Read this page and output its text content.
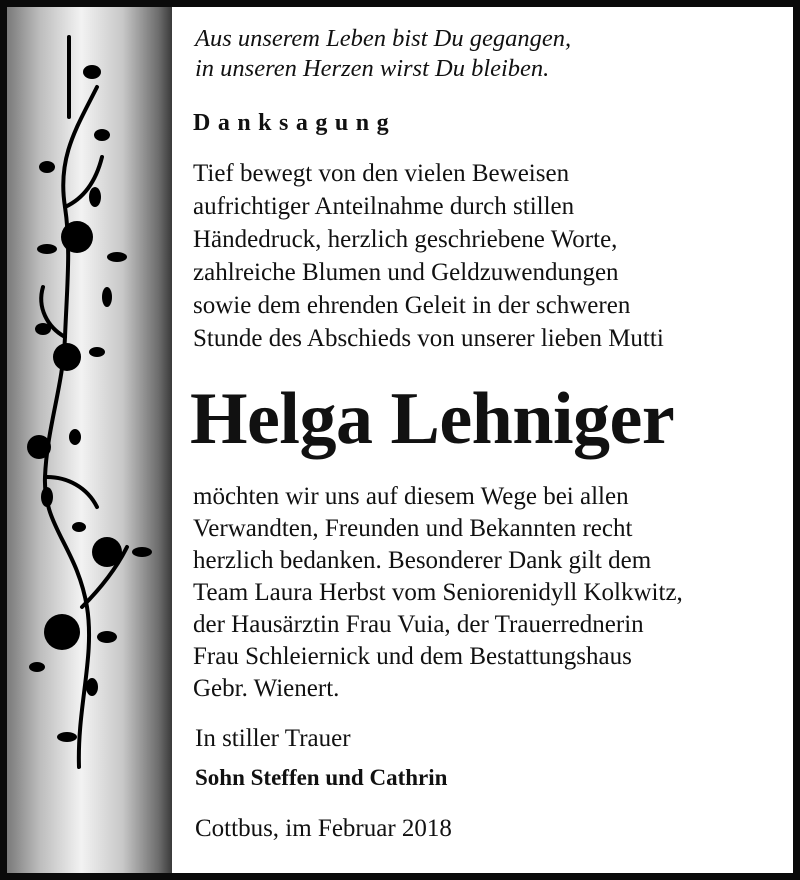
Aus unserem Leben bist Du gegangen,
in unseren Herzen wirst Du bleiben.
Danksagung
Tief bewegt von den vielen Beweisen
aufrichtiger Anteilnahme durch stillen
Händedruck, herzlich geschriebene Worte,
zahlreiche Blumen und Geldzuwendungen
sowie dem ehrenden Geleit in der schweren
Stunde des Abschieds von unserer lieben Mutti
Helga Lehniger
möchten wir uns auf diesem Wege bei allen
Verwandten, Freunden und Bekannten recht
herzlich bedanken. Besonderer Dank gilt dem
Team Laura Herbst vom Seniorenidyll Kolkwitz,
der Hausärztin Frau Vuia, der Trauerrednerin
Frau Schleiernick und dem Bestattungshaus
Gebr. Wienert.
In stiller Trauer
Sohn Steffen und Cathrin
Cottbus, im Februar 2018
